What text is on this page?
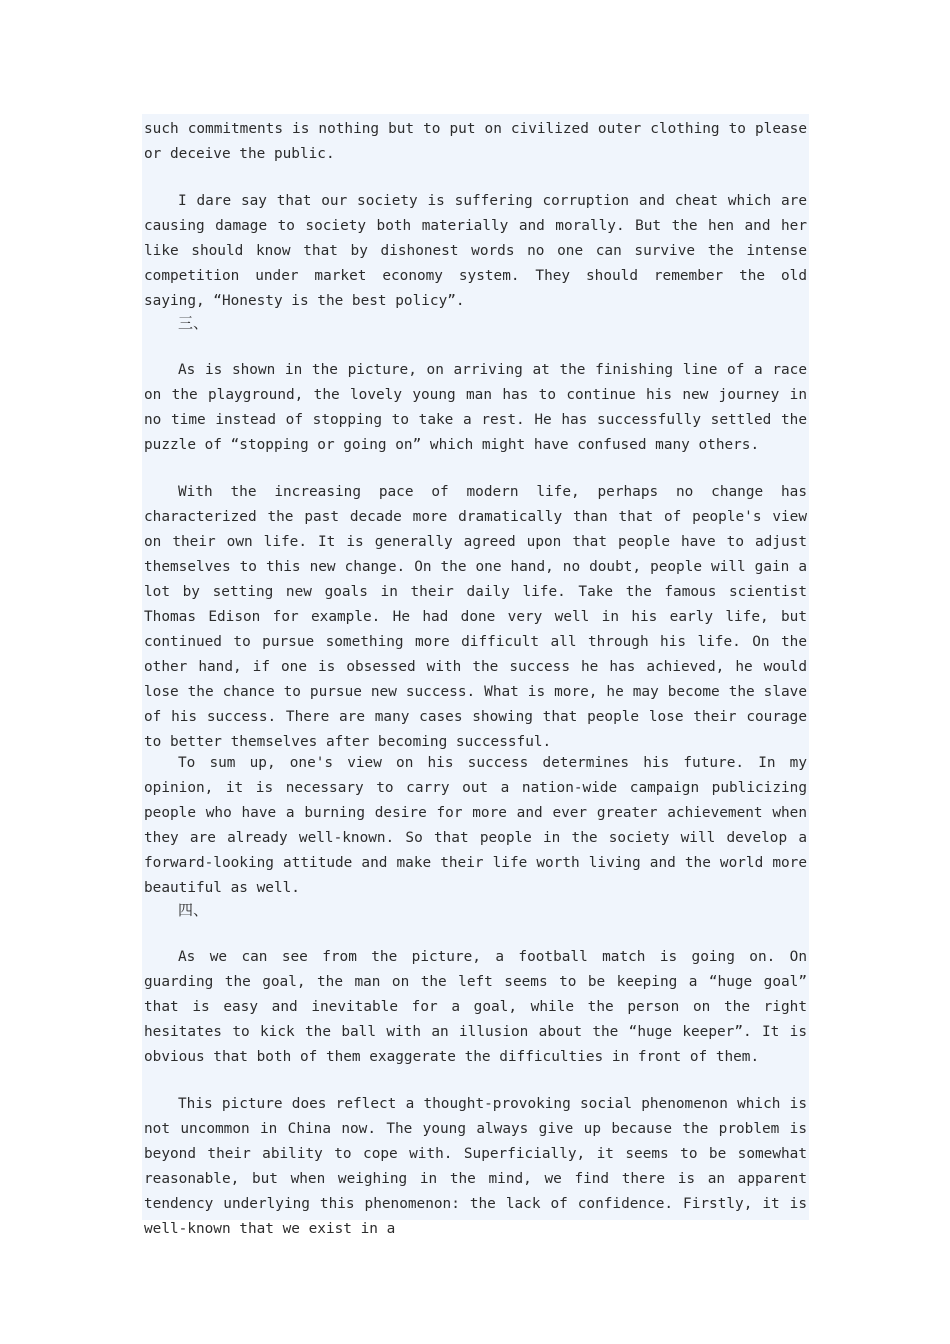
such commitments is nothing but to put on civilized outer clothing to please or deceive the public.

I dare say that our society is suffering corruption and cheat which are causing damage to society both materially and morally. But the hen and her like should know that by dishonest words no one can survive the intense competition under market economy system. They should remember the old saying, “Honesty is the best policy”.

三、

As is shown in the picture, on arriving at the finishing line of a race on the playground, the lovely young man has to continue his new journey in no time instead of stopping to take a rest. He has successfully settled the puzzle of “stopping or going on” which might have confused many others.

With the increasing pace of modern life, perhaps no change has characterized the past decade more dramatically than that of people's view on their own life. It is generally agreed upon that people have to adjust themselves to this new change. On the one hand, no doubt, people will gain a lot by setting new goals in their daily life. Take the famous scientist Thomas Edison for example. He had done very well in his early life, but continued to pursue something more difficult all through his life. On the other hand, if one is obsessed with the success he has achieved, he would lose the chance to pursue new success. What is more, he may become the slave of his success. There are many cases showing that people lose their courage to better themselves after becoming successful.

To sum up, one's view on his success determines his future. In my opinion, it is necessary to carry out a nation-wide campaign publicizing people who have a burning desire for more and ever greater achievement when they are already well-known. So that people in the society will develop a forward-looking attitude and make their life worth living and the world more beautiful as well.

四、

As we can see from the picture, a football match is going on. On guarding the goal, the man on the left seems to be keeping a “huge goal” that is easy and inevitable for a goal, while the person on the right hesitates to kick the ball with an illusion about the “huge keeper”. It is obvious that both of them exaggerate the difficulties in front of them.

This picture does reflect a thought-provoking social phenomenon which is not uncommon in China now. The young always give up because the problem is beyond their ability to cope with. Superficially, it seems to be somewhat reasonable, but when weighing in the mind, we find there is an apparent tendency underlying this phenomenon: the lack of confidence. Firstly, it is well-known that we exist in a
